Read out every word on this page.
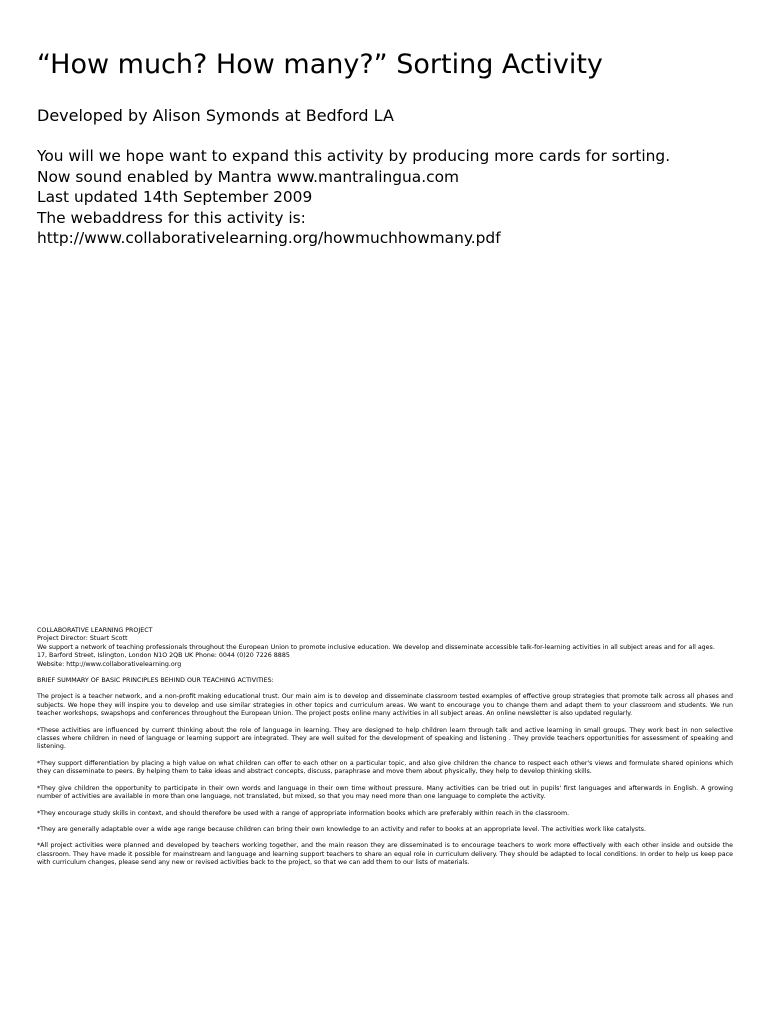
“How much? How many?” Sorting Activity
Developed by Alison Symonds at Bedford LA
You will we hope want to expand this activity by producing more cards for sorting.
Now sound enabled by Mantra www.mantralingua.com
Last updated 14th September 2009
The webaddress for this activity is:
http://www.collaborativelearning.org/howmuchhowmany.pdf

COLLABORATIVE LEARNING PROJECT
Project Director: Stuart Scott
We support a network of teaching professionals throughout the European Union to promote inclusive education. We develop and disseminate accessible talk-for-learning activities in all subject areas and for all ages.
17, Barford Street, Islington, London N1O 2QB UK Phone: 0044 (0)20 7226 8885
Website: http://www.collaborativelearning.org

BRIEF SUMMARY OF BASIC PRINCIPLES BEHIND OUR TEACHING ACTIVITIES:

The project is a teacher network, and a non-profit making educational trust. Our main aim is to develop and disseminate classroom tested examples of effective group strategies that promote talk across all phases and subjects. We hope they will inspire you to develop and use similar strategies in other topics and curriculum areas. We want to encourage you to change them and adapt them to your classroom and students. We run teacher workshops, swapshops and conferences throughout the European Union. The project posts online many activities in all subject areas. An online newsletter is also updated regularly.

*These activities are influenced by current thinking about the role of language in learning. They are designed to help children learn through talk and active learning in small groups. They work best in non selective classes where children in need of language or learning support are integrated. They are well suited for the development of speaking and listening . They provide teachers opportunities for assessment of speaking and listening.

*They support differentiation by placing a high value on what children can offer to each other on a particular topic, and also give children the chance to respect each other's views and formulate shared opinions which they can disseminate to peers. By helping them to take ideas and abstract concepts, discuss, paraphrase and move them about physically, they help to develop thinking skills.

*They give children the opportunity to participate in their own words and language in their own time without pressure. Many activities can be tried out in pupils' first languages and afterwards in English. A growing number of activities are available in more than one language, not translated, but mixed, so that you may need more than one language to complete the activity.

*They encourage study skills in context, and should therefore be used with a range of appropriate information books which are preferably within reach in the classroom.

*They are generally adaptable over a wide age range because children can bring their own knowledge to an activity and refer to books at an appropriate level. The activities work like catalysts.

*All project activities were planned and developed by teachers working together, and the main reason they are disseminated is to encourage teachers to work more effectively with each other inside and outside the classroom. They have made it possible for mainstream and language and learning support teachers to share an equal role in curriculum delivery. They should be adapted to local conditions. In order to help us keep pace with curriculum changes, please send any new or revised activities back to the project, so that we can add them to our lists of materials.
